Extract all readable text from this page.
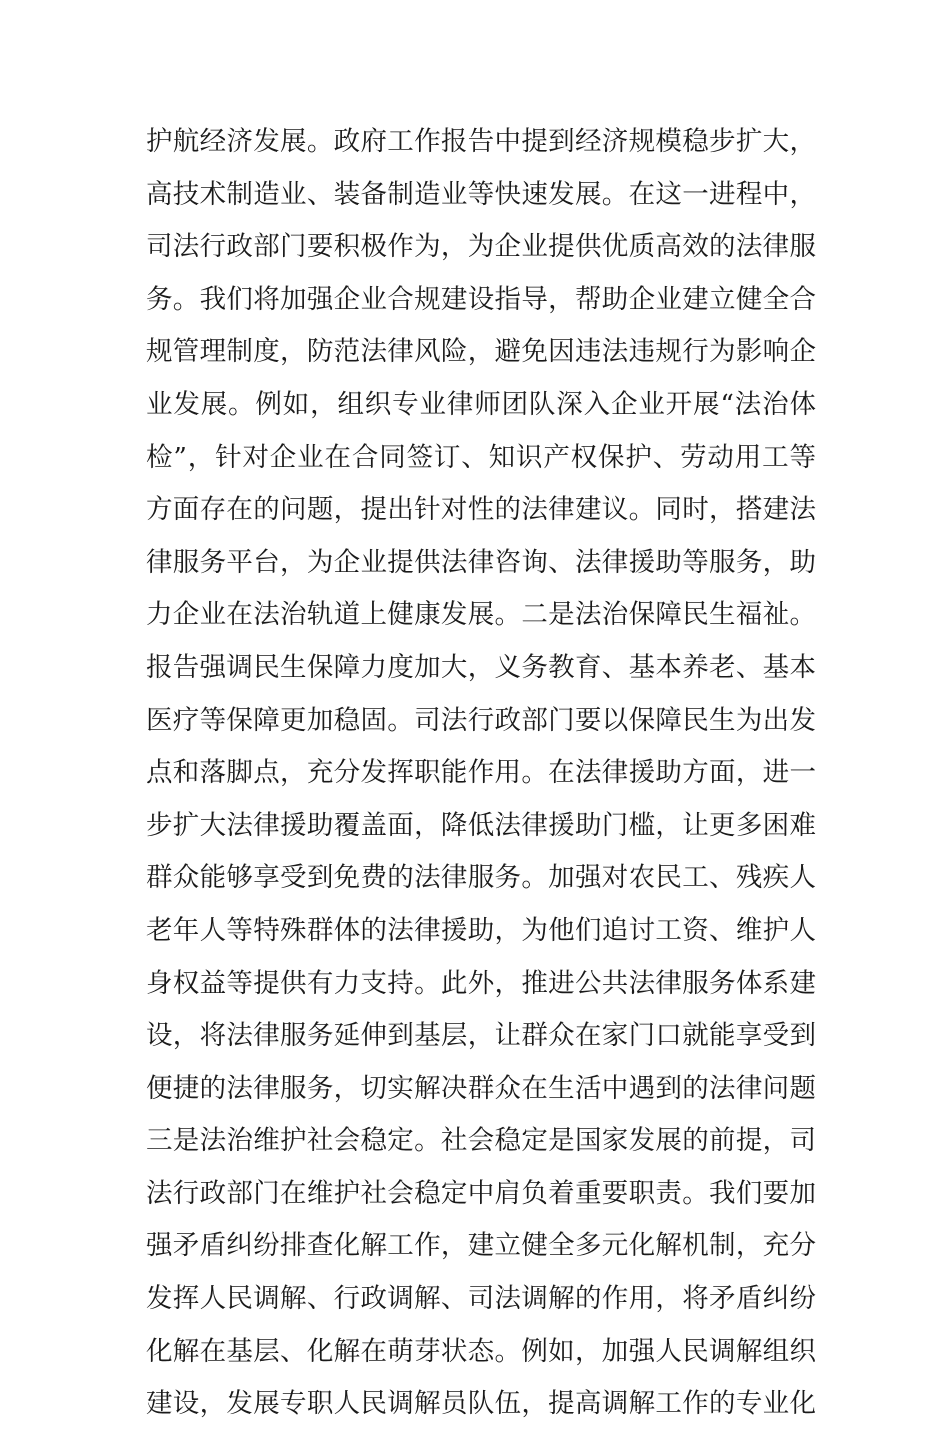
护航经济发展。政府工作报告中提到经济规模稳步扩大，
高技术制造业、装备制造业等快速发展。在这一进程中，
司法行政部门要积极作为，为企业提供优质高效的法律服
务。我们将加强企业合规建设指导，帮助企业建立健全合
规管理制度，防范法律风险，避免因违法违规行为影响企
业发展。例如，组织专业律师团队深入企业开展“法治体
检”，针对企业在合同签订、知识产权保护、劳动用工等
方面存在的问题，提出针对性的法律建议。同时，搭建法
律服务平台，为企业提供法律咨询、法律援助等服务，助
力企业在法治轨道上健康发展。二是法治保障民生福祉。
报告强调民生保障力度加大，义务教育、基本养老、基本
医疗等保障更加稳固。司法行政部门要以保障民生为出发
点和落脚点，充分发挥职能作用。在法律援助方面，进一
步扩大法律援助覆盖面，降低法律援助门槛，让更多困难
群众能够享受到免费的法律服务。加强对农民工、残疾人
老年人等特殊群体的法律援助，为他们追讨工资、维护人
身权益等提供有力支持。此外，推进公共法律服务体系建
设，将法律服务延伸到基层，让群众在家门口就能享受到
便捷的法律服务，切实解决群众在生活中遇到的法律问题
三是法治维护社会稳定。社会稳定是国家发展的前提，司
法行政部门在维护社会稳定中肩负着重要职责。我们要加
强矛盾纠纷排查化解工作，建立健全多元化解机制，充分
发挥人民调解、行政调解、司法调解的作用，将矛盾纠纷
化解在基层、化解在萌芽状态。例如，加强人民调解组织
建设，发展专职人民调解员队伍，提高调解工作的专业化
